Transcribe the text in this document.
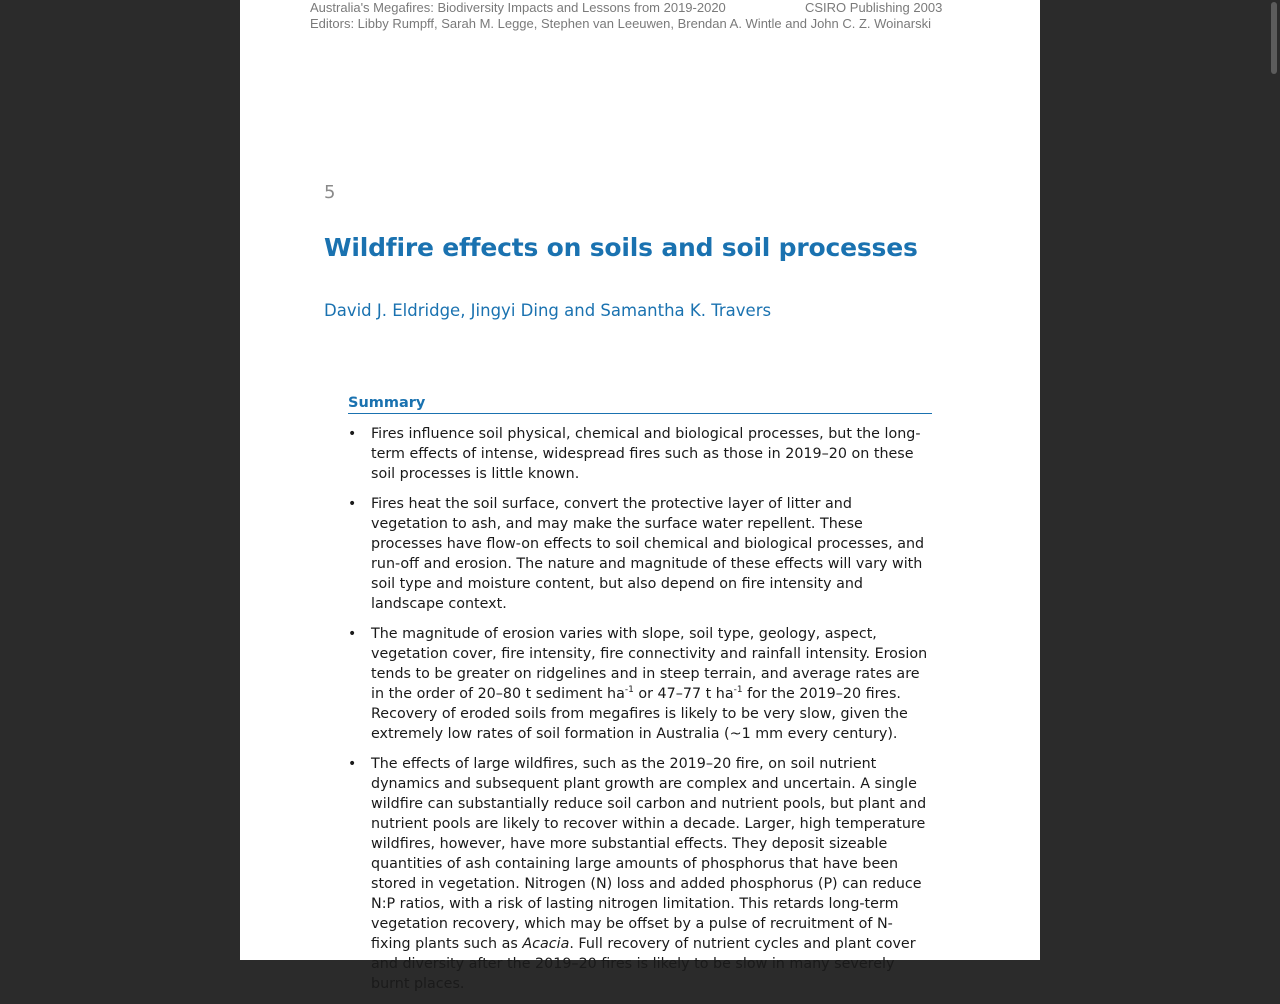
Australia's Megafires: Biodiversity Impacts and Lessons from 2019-2020	CSIRO Publishing 2003
Editors: Libby Rumpff, Sarah M. Legge, Stephen van Leeuwen, Brendan A. Wintle and John C. Z. Woinarski
5
Wildfire effects on soils and soil processes
David J. Eldridge, Jingyi Ding and Samantha K. Travers
Summary
• Fires influence soil physical, chemical and biological processes, but the long-term effects of intense, widespread fires such as those in 2019–20 on these soil processes is little known.
• Fires heat the soil surface, convert the protective layer of litter and vegetation to ash, and may make the surface water repellent. These processes have flow-on effects to soil chemical and biological processes, and run-off and erosion. The nature and magnitude of these effects will vary with soil type and moisture content, but also depend on fire intensity and landscape context.
• The magnitude of erosion varies with slope, soil type, geology, aspect, vegetation cover, fire intensity, fire connectivity and rainfall intensity. Erosion tends to be greater on ridgelines and in steep terrain, and average rates are in the order of 20–80 t sediment $ha^{-1}$ or 47–77 t $ha^{-1}$ for the 2019–20 fires. Recovery of eroded soils from megafires is likely to be very slow, given the extremely low rates of soil formation in Australia (~1 mm every century).
• The effects of large wildfires, such as the 2019–20 fire, on soil nutrient dynamics and subsequent plant growth are complex and uncertain. A single wildfire can substantially reduce soil carbon and nutrient pools, but plant and nutrient pools are likely to recover within a decade. Larger, high temperature wildfires, however, have more substantial effects. They deposit sizeable quantities of ash containing large amounts of phosphorus that have been stored in vegetation. Nitrogen (N) loss and added phosphorus (P) can reduce N:P ratios, with a risk of lasting nitrogen limitation. This retards long-term vegetation recovery, which may be offset by a pulse of recruitment of N-fixing plants such as Acacia. Full recovery of nutrient cycles and plant cover and diversity after the 2019–20 fires is likely to be slow in many severely burnt places.
